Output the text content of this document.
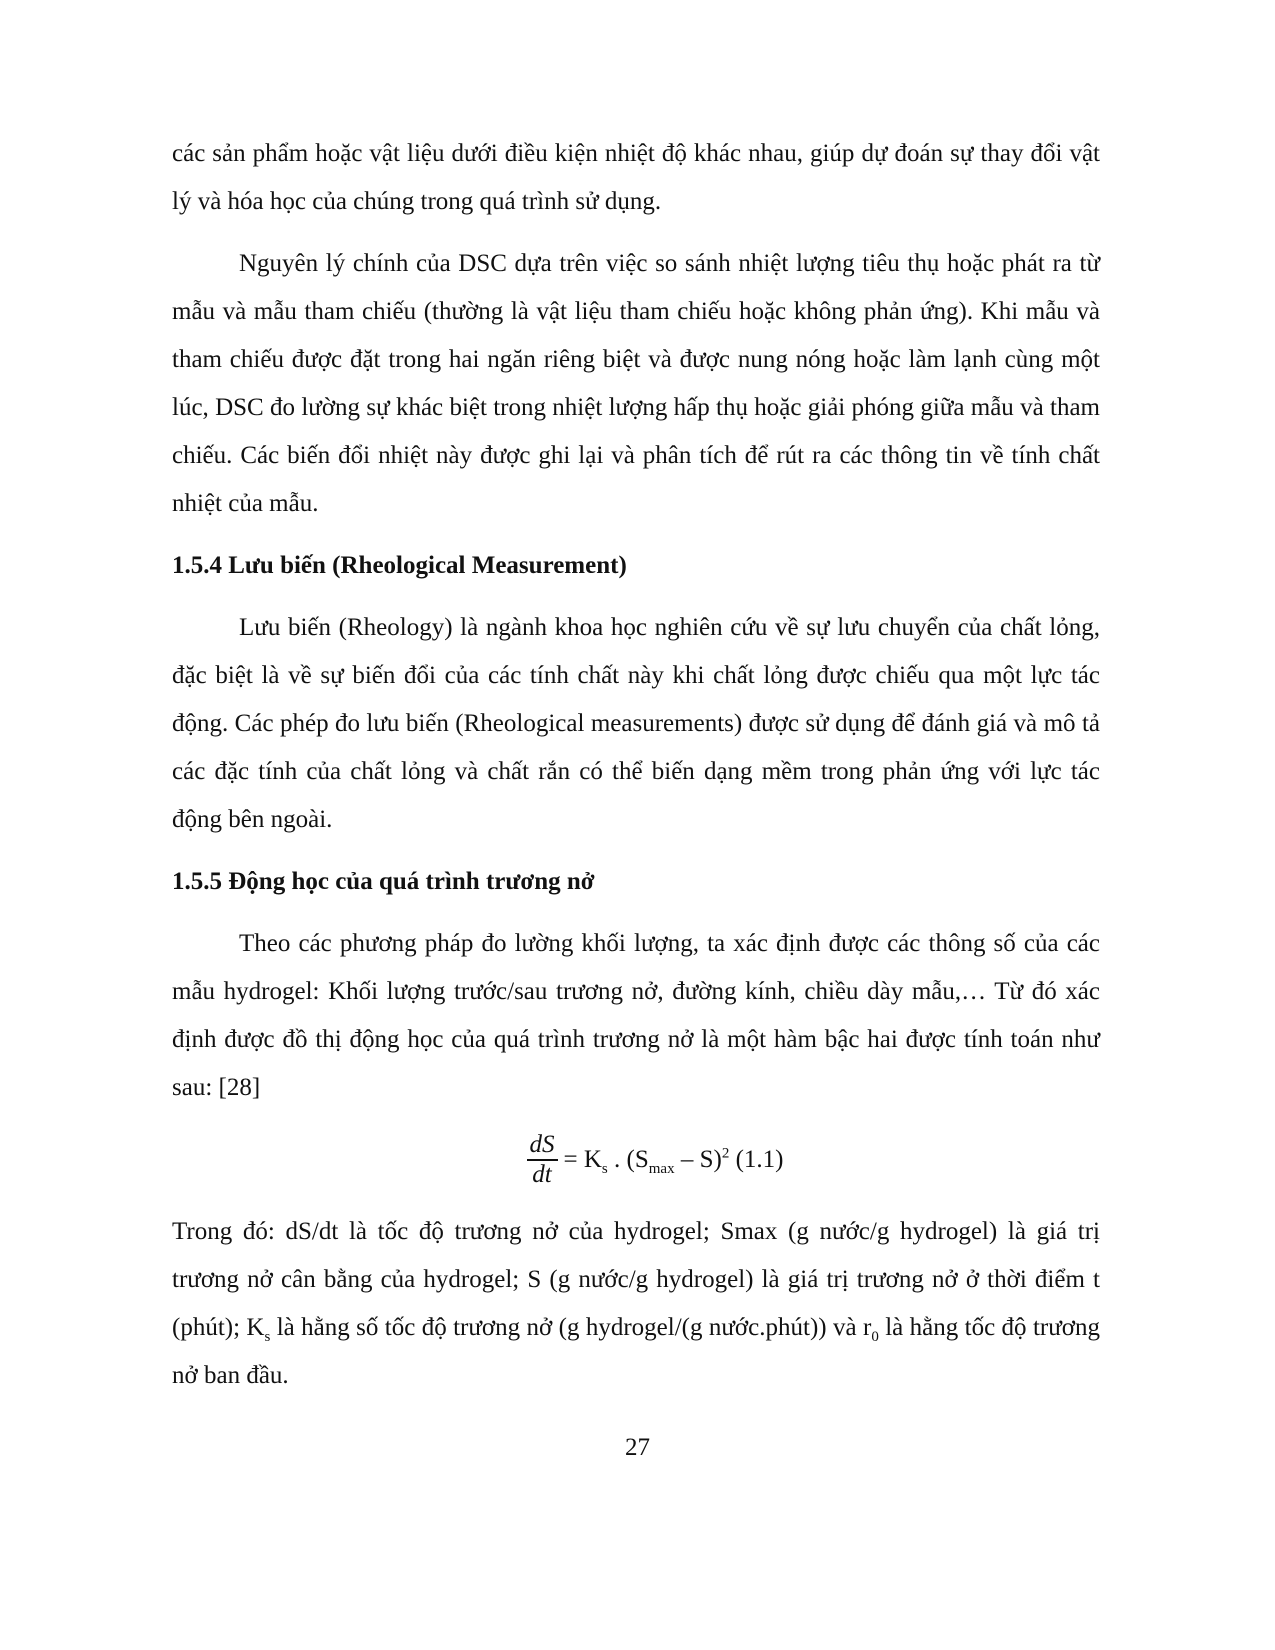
các sản phẩm hoặc vật liệu dưới điều kiện nhiệt độ khác nhau, giúp dự đoán sự thay đổi vật lý và hóa học của chúng trong quá trình sử dụng.

Nguyên lý chính của DSC dựa trên việc so sánh nhiệt lượng tiêu thụ hoặc phát ra từ mẫu và mẫu tham chiếu (thường là vật liệu tham chiếu hoặc không phản ứng). Khi mẫu và tham chiếu được đặt trong hai ngăn riêng biệt và được nung nóng hoặc làm lạnh cùng một lúc, DSC đo lường sự khác biệt trong nhiệt lượng hấp thụ hoặc giải phóng giữa mẫu và tham chiếu. Các biến đổi nhiệt này được ghi lại và phân tích để rút ra các thông tin về tính chất nhiệt của mẫu.

1.5.4 Lưu biến (Rheological Measurement)

Lưu biến (Rheology) là ngành khoa học nghiên cứu về sự lưu chuyển của chất lỏng, đặc biệt là về sự biến đổi của các tính chất này khi chất lỏng được chiếu qua một lực tác động. Các phép đo lưu biến (Rheological measurements) được sử dụng để đánh giá và mô tả các đặc tính của chất lỏng và chất rắn có thể biến dạng mềm trong phản ứng với lực tác động bên ngoài.

1.5.5 Động học của quá trình trương nở

Theo các phương pháp đo lường khối lượng, ta xác định được các thông số của các mẫu hydrogel: Khối lượng trước/sau trương nở, đường kính, chiều dày mẫu,… Từ đó xác định được đồ thị động học của quá trình trương nở là một hàm bậc hai được tính toán như sau: [28]

$\frac{dS}{dt} = K_s$ . $(S_{max} - S)^2$ (1.1)

Trong đó: dS/dt là tốc độ trương nở của hydrogel; Smax (g nước/g hydrogel) là giá trị trương nở cân bằng của hydrogel; S (g nước/g hydrogel) là giá trị trương nở ở thời điểm t (phút); $K_s$ là hằng số tốc độ trương nở (g hydrogel/(g nước.phút)) và $r_0$ là hằng tốc độ trương nở ban đầu.

27
